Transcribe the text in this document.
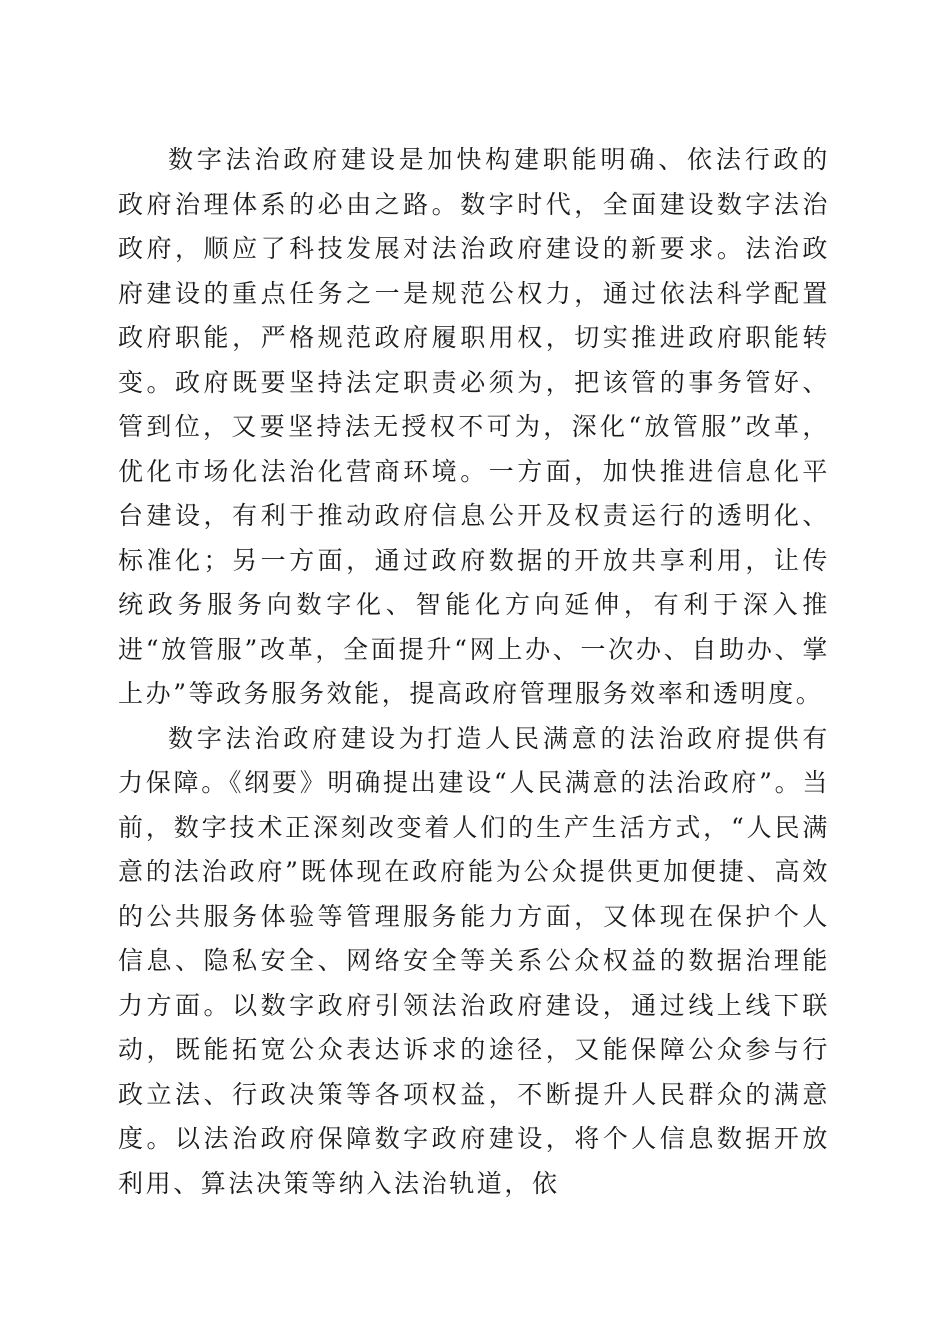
数字法治政府建设是加快构建职能明确、依法行政的政府治理体系的必由之路。数字时代，全面建设数字法治政府，顺应了科技发展对法治政府建设的新要求。法治政府建设的重点任务之一是规范公权力，通过依法科学配置政府职能，严格规范政府履职用权，切实推进政府职能转变。政府既要坚持法定职责必须为，把该管的事务管好、管到位，又要坚持法无授权不可为，深化“放管服”改革，优化市场化法治化营商环境。一方面，加快推进信息化平台建设，有利于推动政府信息公开及权责运行的透明化、标准化；另一方面，通过政府数据的开放共享利用，让传统政务服务向数字化、智能化方向延伸，有利于深入推进“放管服”改革，全面提升“网上办、一次办、自助办、掌上办”等政务服务效能，提高政府管理服务效率和透明度。

数字法治政府建设为打造人民满意的法治政府提供有力保障。《纲要》明确提出建设“人民满意的法治政府”。当前，数字技术正深刻改变着人们的生产生活方式，“人民满意的法治政府”既体现在政府能为公众提供更加便捷、高效的公共服务体验等管理服务能力方面，又体现在保护个人信息、隐私安全、网络安全等关系公众权益的数据治理能力方面。以数字政府引领法治政府建设，通过线上线下联动，既能拓宽公众表达诉求的途径，又能保障公众参与行政立法、行政决策等各项权益，不断提升人民群众的满意度。以法治政府保障数字政府建设，将个人信息数据开放利用、算法决策等纳入法治轨道，依
